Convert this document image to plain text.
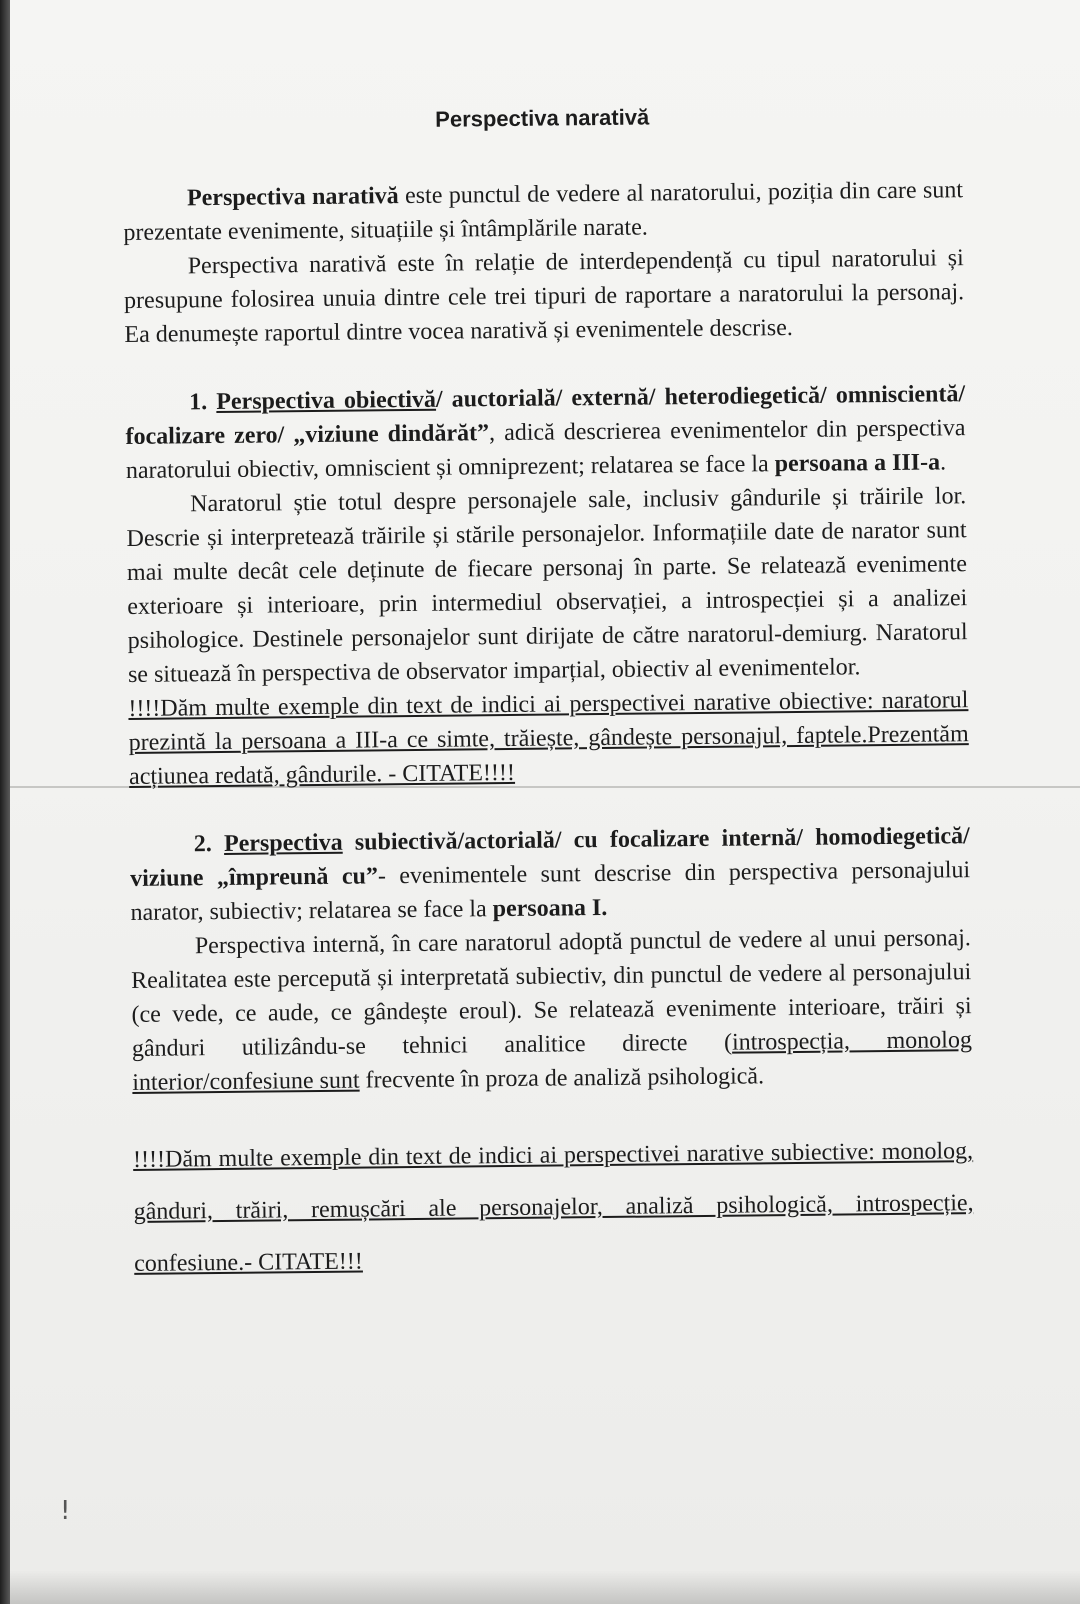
Perspectiva narativă

Perspectiva narativă este punctul de vedere al naratorului, poziția din care sunt prezentate evenimente, situațiile și întâmplările narate.

Perspectiva narativă este în relație de interdependență cu tipul naratorului și presupune folosirea unuia dintre cele trei tipuri de raportare a naratorului la personaj. Ea denumește raportul dintre vocea narativă și evenimentele descrise.

1. Perspectiva obiectivă/ auctorială/ externă/ heterodiegetică/ omniscientă/ focalizare zero/ „viziune dindărăt”, adică descrierea evenimentelor din perspectiva naratorului obiectiv, omniscient și omniprezent; relatarea se face la persoana a III-a.

Naratorul știe totul despre personajele sale, inclusiv gândurile și trăirile lor. Descrie și interpretează trăirile și stările personajelor. Informațiile date de narator sunt mai multe decât cele deținute de fiecare personaj în parte. Se relatează evenimente exterioare și interioare, prin intermediul observației, a introspecției și a analizei psihologice. Destinele personajelor sunt dirijate de către naratorul-demiurg. Naratorul se situează în perspectiva de observator imparțial, obiectiv al evenimentelor.

!!!!Dăm multe exemple din text de indici ai perspectivei narative obiective: naratorul prezintă la persoana a III-a ce simte, trăiește, gândește personajul, faptele.Prezentăm acțiunea redată, gândurile. - CITATE!!!!

2. Perspectiva subiectivă/actorială/ cu focalizare internă/ homodiegetică/ viziune „împreună cu”- evenimentele sunt descrise din perspectiva personajului narator, subiectiv; relatarea se face la persoana I.

Perspectiva internă, în care naratorul adoptă punctul de vedere al unui personaj. Realitatea este percepută și interpretată subiectiv, din punctul de vedere al personajului (ce vede, ce aude, ce gândește eroul). Se relatează evenimente interioare, trăiri și gânduri utilizându-se tehnici analitice directe (introspecția, monolog interior/confesiune sunt frecvente în proza de analiză psihologică.

!!!!Dăm multe exemple din text de indici ai perspectivei narative subiective: monolog, gânduri, trăiri, remușcări ale personajelor, analiză psihologică, introspecție, confesiune.- CITATE!!!

!
